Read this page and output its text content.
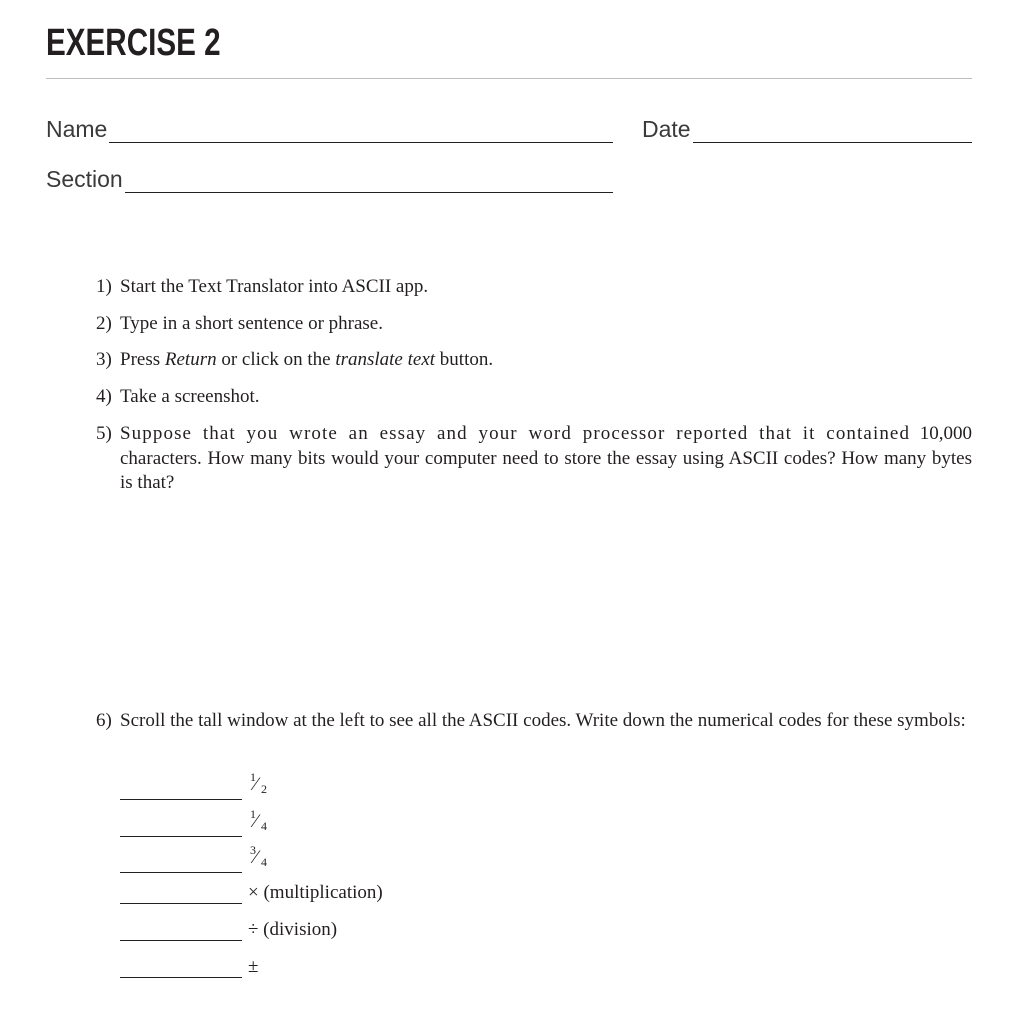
EXERCISE 2
Name	Date
Section
1) Start the Text Translator into ASCII app.
2) Type in a short sentence or phrase.
3) Press Return or click on the translate text button.
4) Take a screenshot.
5) Suppose that you wrote an essay and your word processor reported that it contained 10,000 characters. How many bits would your computer need to store the essay using ASCII codes? How many bytes is that?
6) Scroll the tall window at the left to see all the ASCII codes. Write down the numerical codes for these symbols:
1
⁄ 2
1
⁄ 4
3
⁄ 4
× (multiplication)
÷ (division)
±
